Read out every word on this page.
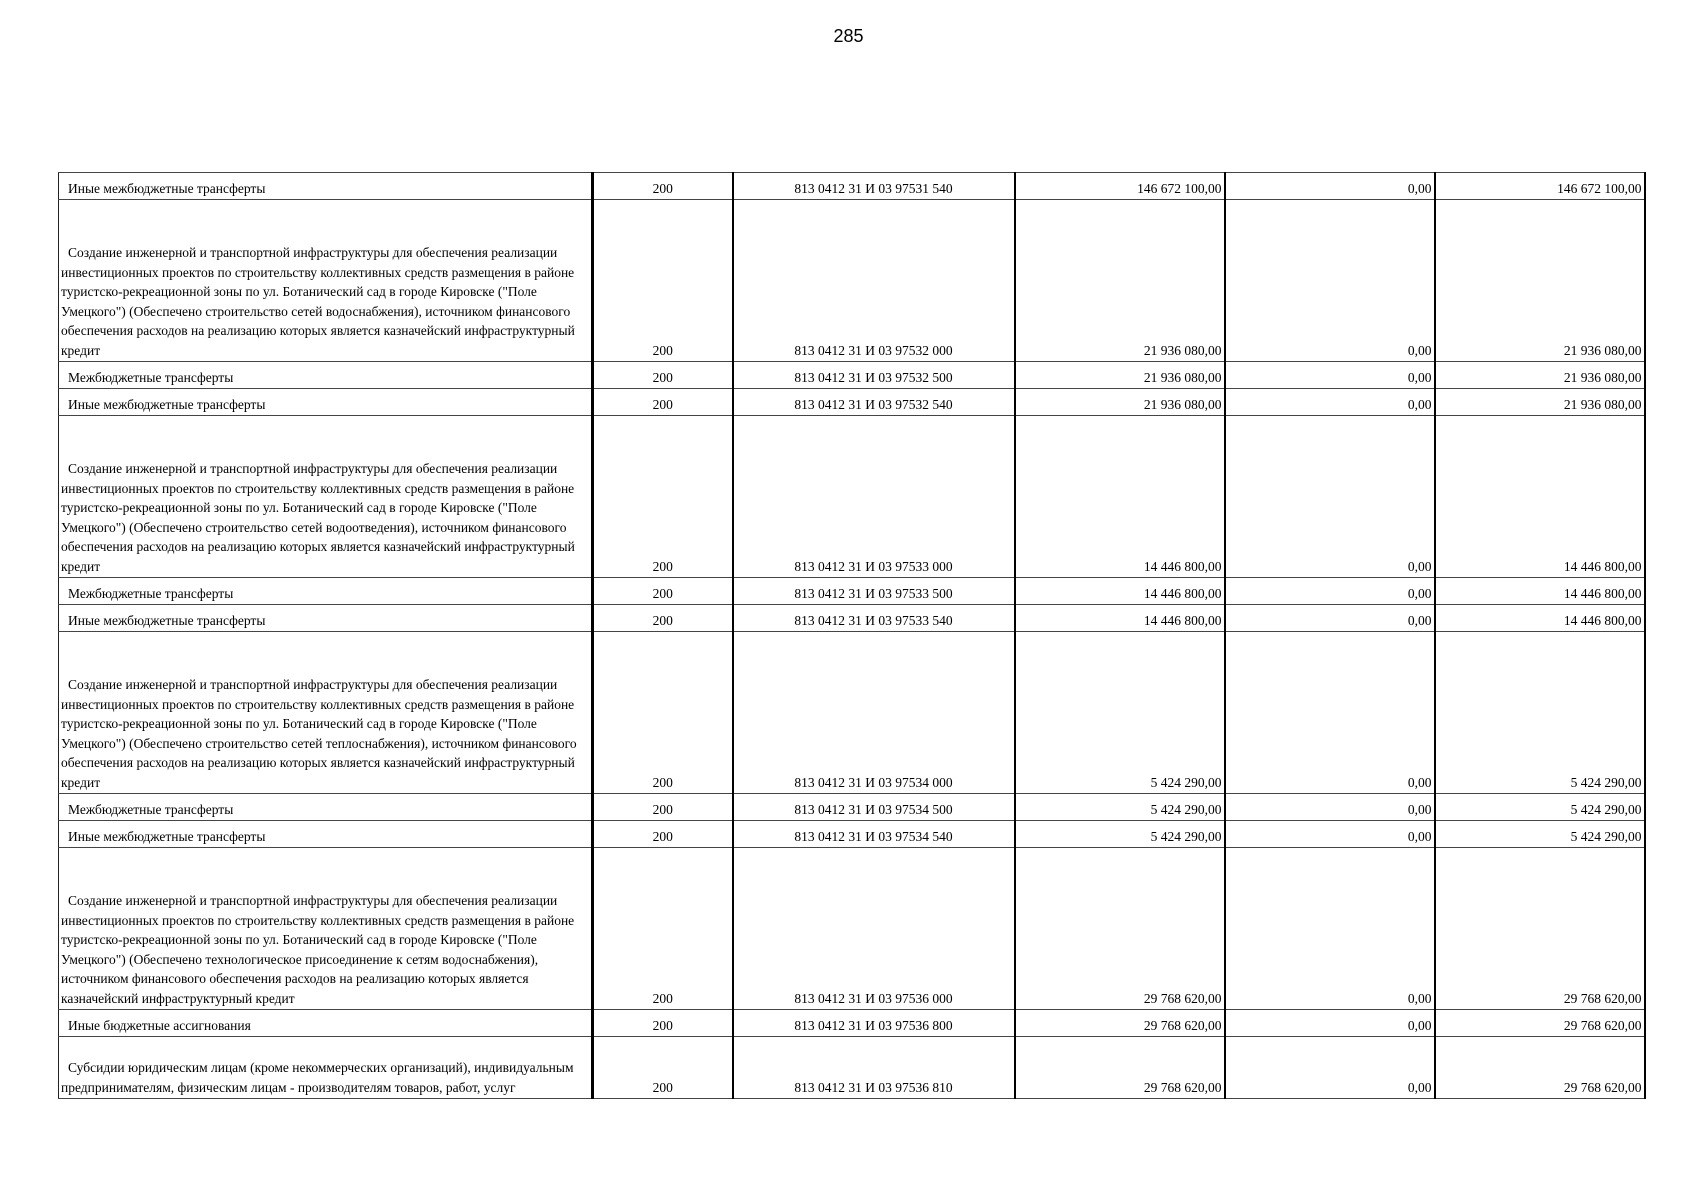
285
Иные межбюджетные трансферты	200	813 0412 31 И 03 97531 540	146 672 100,00	0,00	146 672 100,00

Создание инженерной и транспортной инфраструктуры для обеспечения реализации инвестиционных проектов по строительству коллективных средств размещения в районе туристско-рекреационной зоны по ул. Ботанический сад в городе Кировске ("Поле Умецкого") (Обеспечено строительство сетей водоснабжения), источником финансового обеспечения расходов на реализацию которых является казначейский инфраструктурный кредит	200	813 0412 31 И 03 97532 000	21 936 080,00	0,00	21 936 080,00

Межбюджетные трансферты	200	813 0412 31 И 03 97532 500	21 936 080,00	0,00	21 936 080,00

Иные межбюджетные трансферты	200	813 0412 31 И 03 97532 540	21 936 080,00	0,00	21 936 080,00

Создание инженерной и транспортной инфраструктуры для обеспечения реализации инвестиционных проектов по строительству коллективных средств размещения в районе туристско-рекреационной зоны по ул. Ботанический сад в городе Кировске ("Поле Умецкого") (Обеспечено строительство сетей водоотведения), источником финансового обеспечения расходов на реализацию которых является казначейский инфраструктурный кредит	200	813 0412 31 И 03 97533 000	14 446 800,00	0,00	14 446 800,00

Межбюджетные трансферты	200	813 0412 31 И 03 97533 500	14 446 800,00	0,00	14 446 800,00

Иные межбюджетные трансферты	200	813 0412 31 И 03 97533 540	14 446 800,00	0,00	14 446 800,00

Создание инженерной и транспортной инфраструктуры для обеспечения реализации инвестиционных проектов по строительству коллективных средств размещения в районе туристско-рекреационной зоны по ул. Ботанический сад в городе Кировске ("Поле Умецкого") (Обеспечено строительство сетей теплоснабжения), источником финансового обеспечения расходов на реализацию которых является казначейский инфраструктурный кредит	200	813 0412 31 И 03 97534 000	5 424 290,00	0,00	5 424 290,00

Межбюджетные трансферты	200	813 0412 31 И 03 97534 500	5 424 290,00	0,00	5 424 290,00

Иные межбюджетные трансферты	200	813 0412 31 И 03 97534 540	5 424 290,00	0,00	5 424 290,00

Создание инженерной и транспортной инфраструктуры для обеспечения реализации инвестиционных проектов по строительству коллективных средств размещения в районе туристско-рекреационной зоны по ул. Ботанический сад в городе Кировске ("Поле Умецкого") (Обеспечено технологическое присоединение к сетям водоснабжения), источником финансового обеспечения расходов на реализацию которых является казначейский инфраструктурный кредит	200	813 0412 31 И 03 97536 000	29 768 620,00	0,00	29 768 620,00

Иные бюджетные ассигнования	200	813 0412 31 И 03 97536 800	29 768 620,00	0,00	29 768 620,00

Субсидии юридическим лицам (кроме некоммерческих организаций), индивидуальным предпринимателям, физическим лицам - производителям товаров, работ, услуг	200	813 0412 31 И 03 97536 810	29 768 620,00	0,00	29 768 620,00
